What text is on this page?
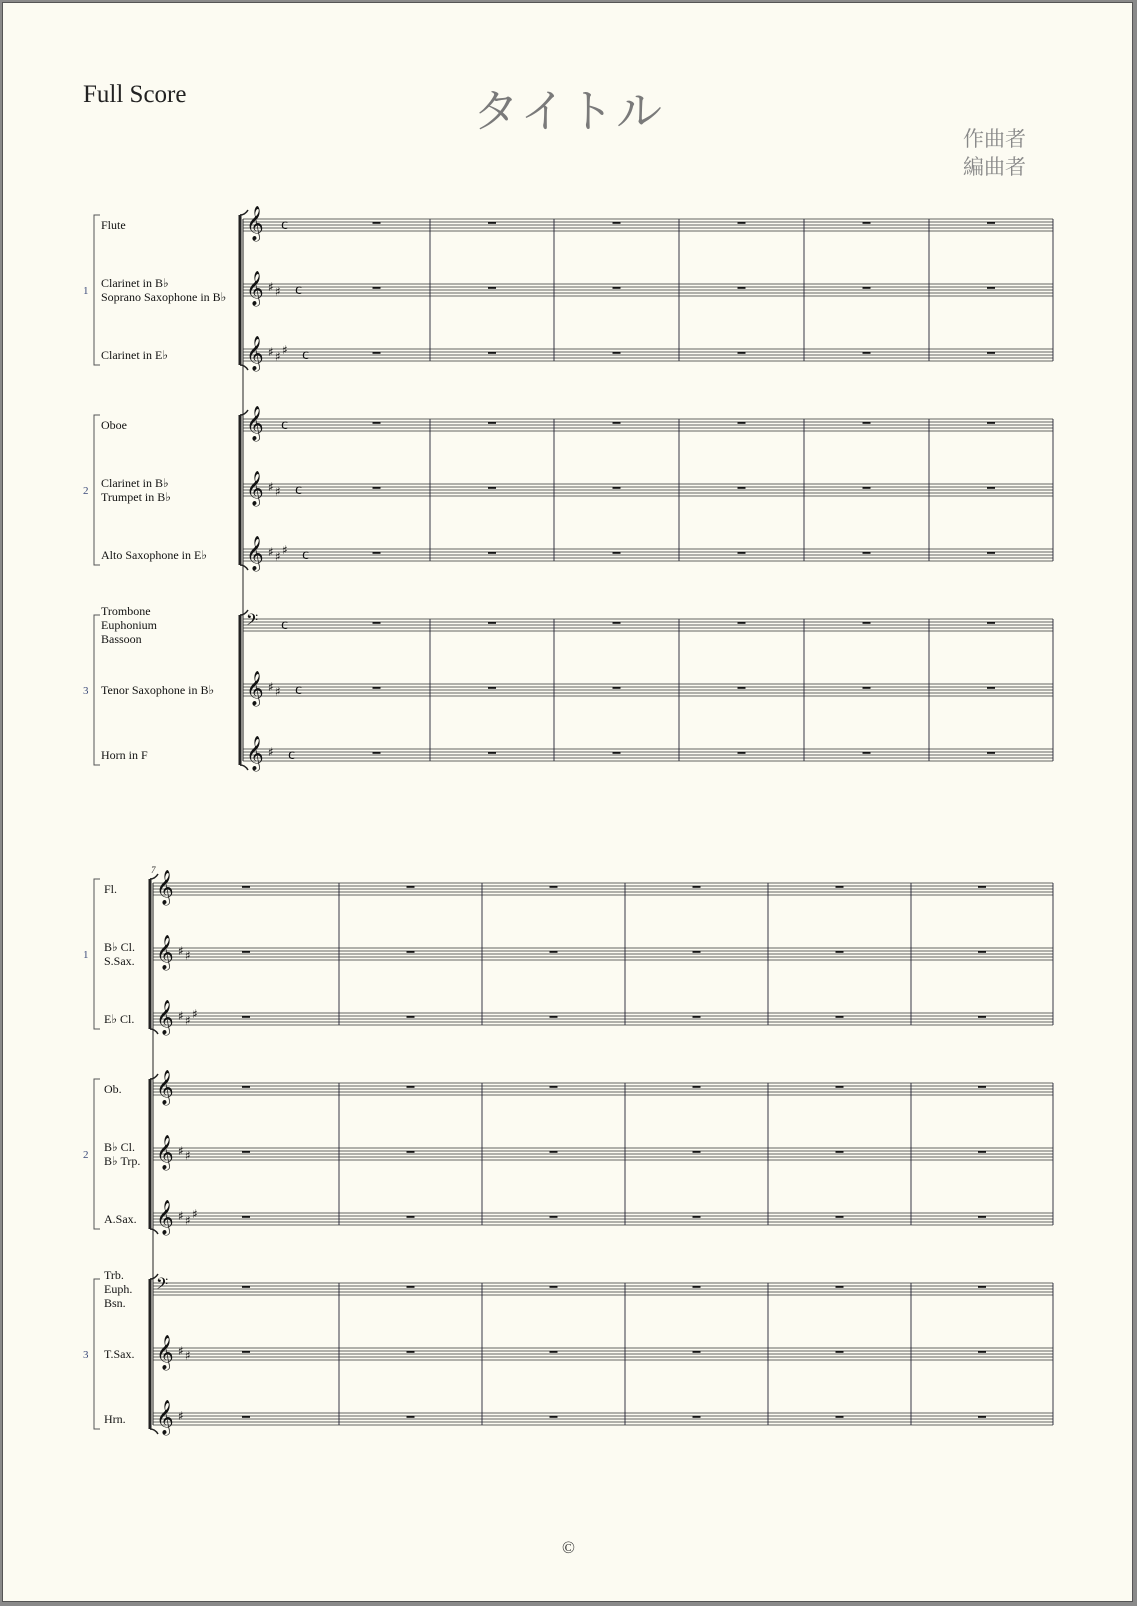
Full Score	タイトル
作曲者
編曲者
1
Flute	𝄞 c
Clarinet in B♭
Soprano Saxophone in B♭ 𝄞 ♯ ♯ c
Clarinet in E♭	𝄞 ♯ ♯ ♯ c
2
Oboe	𝄞 c
Clarinet in B♭
Trumpet in B♭	𝄞 ♯ ♯ c
Alto Saxophone in E♭ 𝄞 ♯ ♯ ♯ c
3
Trombone
Euphonium
Bassoon
𝄢 c
Tenor Saxophone in B♭ 𝄞 ♯ ♯ c
Horn in F	𝄞 ♯ c
7
1
Fl. 𝄞
B♭ Cl.
S.Sax. 𝄞 ♯ ♯
E♭ Cl. 𝄞 ♯ ♯ ♯
2
Ob. 𝄞
B♭ Cl.
B♭ Trp. 𝄞 ♯ ♯
A.Sax. 𝄞 ♯ ♯ ♯
3
Trb.
Euph.
Bsn.
𝄢
T.Sax. 𝄞 ♯ ♯
Hrn. 𝄞 ♯
©
